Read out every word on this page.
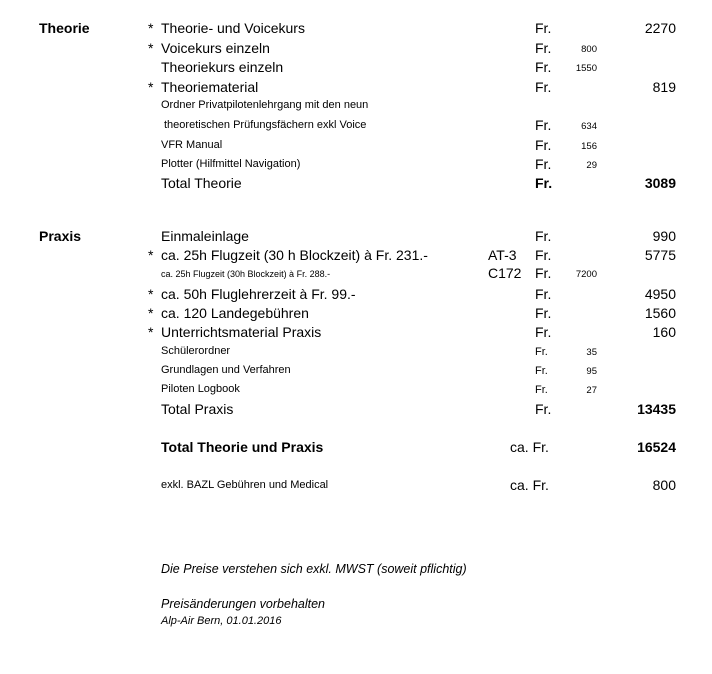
Theorie	* Theorie- und Voicekurs	Fr.	2270
* Voicekurs einzeln	Fr.	800
Theoriekurs einzeln	Fr.	1550
* Theoriematerial	Fr.	819
Ordner Privatpilotenlehrgang mit den neun
theoretischen Prüfungsfächern exkl Voice	Fr.	634
VFR Manual	Fr.	156
Plotter (Hilfmittel Navigation)	Fr.	29
Total Theorie	Fr.	3089
Praxis	Einmaleinlage	Fr.	990
* ca. 25h Flugzeit (30 h Blockzeit) à Fr. 231.-	AT-3 Fr.	5775
ca. 25h Flugzeit (30h Blockzeit) à Fr. 288.-	C172 Fr.	7200
* ca. 50h Fluglehrerzeit à Fr. 99.-	Fr.	4950
* ca. 120 Landegebühren	Fr.	1560
* Unterrichtsmaterial Praxis	Fr.	160
Schülerordner	Fr.	35
Grundlagen und Verfahren	Fr.	95
Piloten Logbook	Fr.	27
Total Praxis	Fr.	13435
Total Theorie und Praxis	ca. Fr.	16524
exkl. BAZL Gebühren und Medical	ca. Fr.	800
Die Preise verstehen sich exkl. MWST (soweit pflichtig)
Preisänderungen vorbehalten
Alp-Air Bern, 01.01.2016
